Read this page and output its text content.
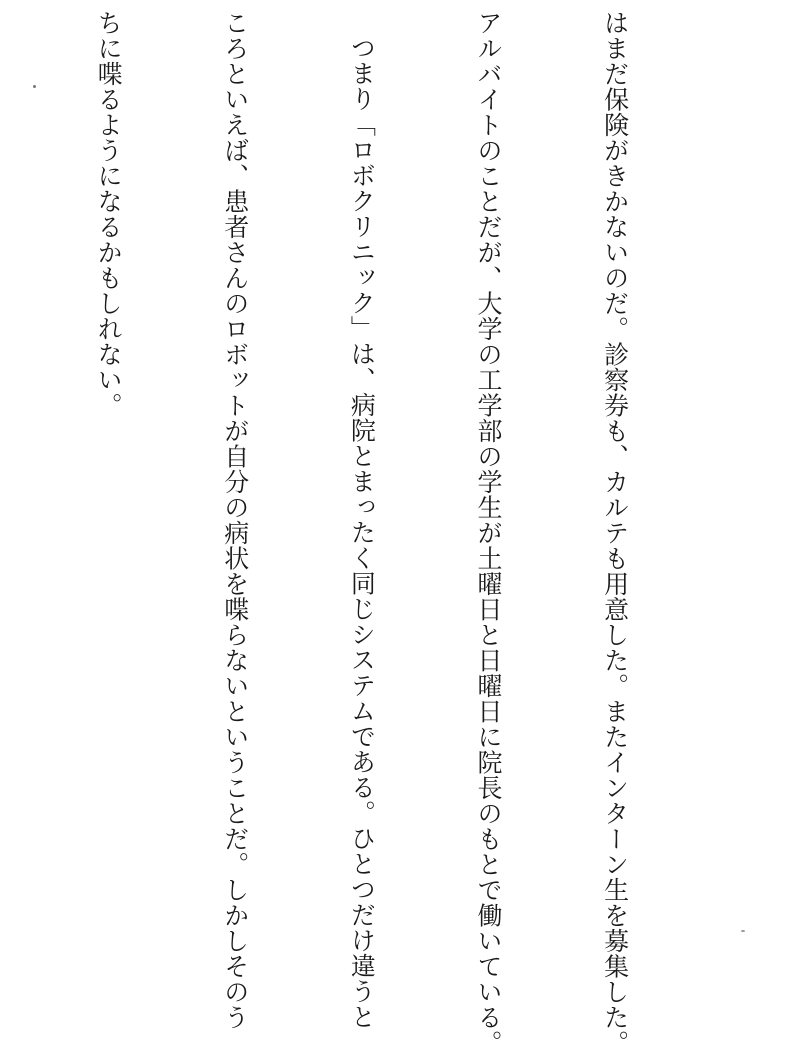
はまだ保険がきかないのだ。診察券も、カルテも用意した。またインターン生を募集した。

アルバイトのことだが、大学の工学部の学生が土曜日と日曜日に院長のもとで働いている。

つまり「ロボクリニック」は、病院とまったく同じシステムである。ひとつだけ違うと

ころといえば、患者さんのロボットが自分の病状を喋らないということだ。しかしそのう

ちに喋るようになるかもしれない。
